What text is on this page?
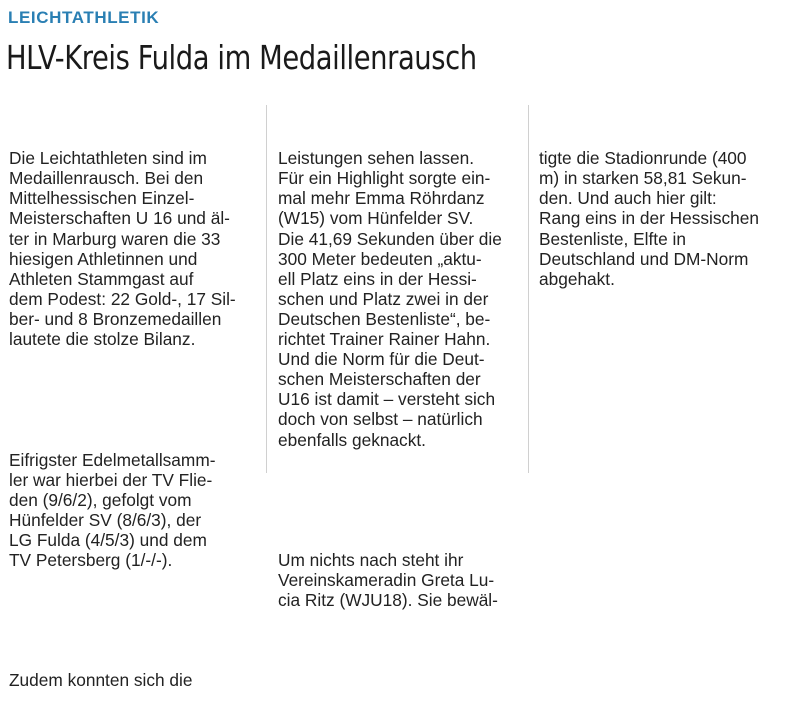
LEICHTATHLETIK
HLV-Kreis Fulda im Medaillenrausch

Die Leichtathleten sind im
Medaillenrausch. Bei den
Mittelhessischen Einzel-
Meisterschaften U 16 und äl-
ter in Marburg waren die 33
hiesigen Athletinnen und
Athleten Stammgast auf
dem Podest: 22 Gold-, 17 Sil-
ber- und 8 Bronzemedaillen
lautete die stolze Bilanz.

Eifrigster Edelmetallsamm-
ler war hierbei der TV Flie-
den (9/6/2), gefolgt vom
Hünfelder SV (8/6/3), der
LG Fulda (4/5/3) und dem
TV Petersberg (1/-/-).

Zudem konnten sich die

Leistungen sehen lassen.
Für ein Highlight sorgte ein-
mal mehr Emma Röhrdanz
(W15) vom Hünfelder SV.
Die 41,69 Sekunden über die
300 Meter bedeuten „aktu-
ell Platz eins in der Hessi-
schen und Platz zwei in der
Deutschen Bestenliste“, be-
richtet Trainer Rainer Hahn.
Und die Norm für die Deut-
schen Meisterschaften der
U16 ist damit – versteht sich
doch von selbst – natürlich
ebenfalls geknackt.

Um nichts nach steht ihr
Vereinskameradin Greta Lu-
cia Ritz (WJU18). Sie bewäl-

tigte die Stadionrunde (400
m) in starken 58,81 Sekun-
den. Und auch hier gilt:
Rang eins in der Hessischen
Bestenliste, Elfte in
Deutschland und DM-Norm
abgehakt.
